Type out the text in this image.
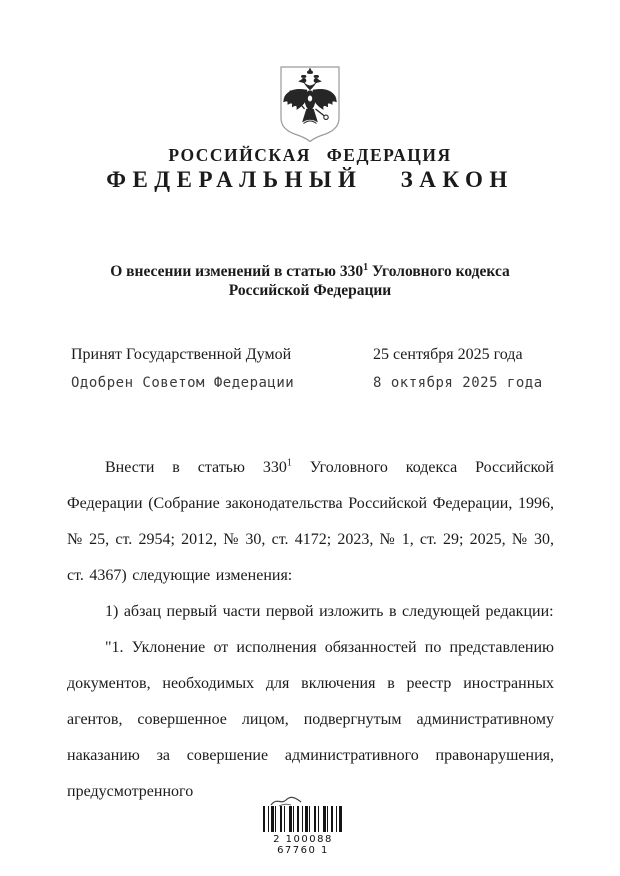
РОССИЙСКАЯ ФЕДЕРАЦИЯ
ФЕДЕРАЛЬНЫЙ ЗАКОН
О внесении изменений в статью $330^1$ Уголовного кодекса
Российской Федерации
Принят Государственной Думой	25 сентября 2025 года
Одобрен Советом Федерации	8 октября 2025 года

Внести в статью $330^1$ Уголовного кодекса Российской Федерации (Собрание законодательства Российской Федерации, 1996, № 25, ст. 2954; 2012, № 30, ст. 4172; 2023, № 1, ст. 29; 2025, № 30, ст. 4367) следующие изменения:

1) абзац первый части первой изложить в следующей редакции:

"1. Уклонение от исполнения обязанностей по представлению документов, необходимых для включения в реестр иностранных агентов, совершенное лицом, подвергнутым административному наказанию за совершение административного правонарушения, предусмотренного

2 100088 67760 1
